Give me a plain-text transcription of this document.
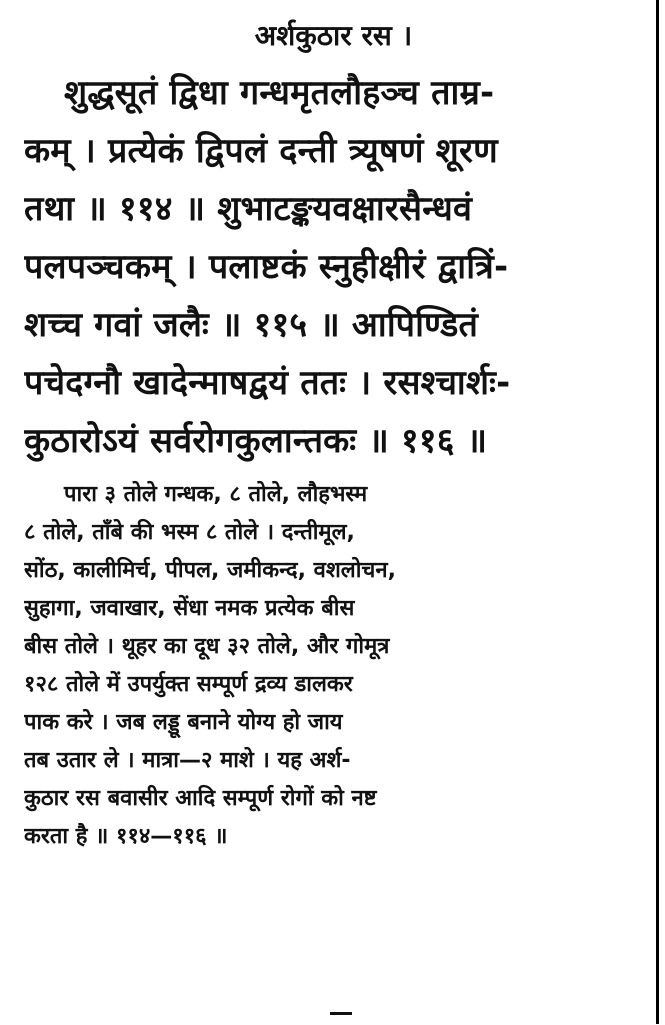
अर्शकुठार रस ।
शुद्धसूतं द्विधा गन्धमृतलौहञ्च ताम्र-
कम् । प्रत्येकं द्विपलं दन्ती त्र्यूषणं शूरण
तथा ॥ ११४ ॥ शुभाटङ्कयवक्षारसैन्धवं
पलपञ्चकम् । पलाष्टकं स्नुहीक्षीरं द्वात्रिं-
शच्च गवां जलैः ॥ ११५ ॥ आपिण्डितं
पचेदग्नौ खादेन्माषद्वयं ततः । रसश्चार्शः-
कुठारोऽयं सर्वरोगकुलान्तकः ॥ ११६ ॥
पारा ३ तोले गन्धक, ८ तोले, लौहभस्म
८ तोले, ताँबे की भस्म ८ तोले । दन्तीमूल,
सोंठ, कालीमिर्च, पीपल, जमीकन्द, वशलोचन,
सुहागा, जवाखार, सेंधा नमक प्रत्येक बीस
बीस तोले । थूहर का दूध ३२ तोले, और गोमूत्र
१२८ तोले में उपर्युक्त सम्पूर्ण द्रव्य डालकर
पाक करे । जब लड्डू बनाने योग्य हो जाय
तब उतार ले । मात्रा—२ माशे । यह अर्श-
कुठार रस बवासीर आदि सम्पूर्ण रोगों को नष्ट
करता है ॥ ११४—११६ ॥
